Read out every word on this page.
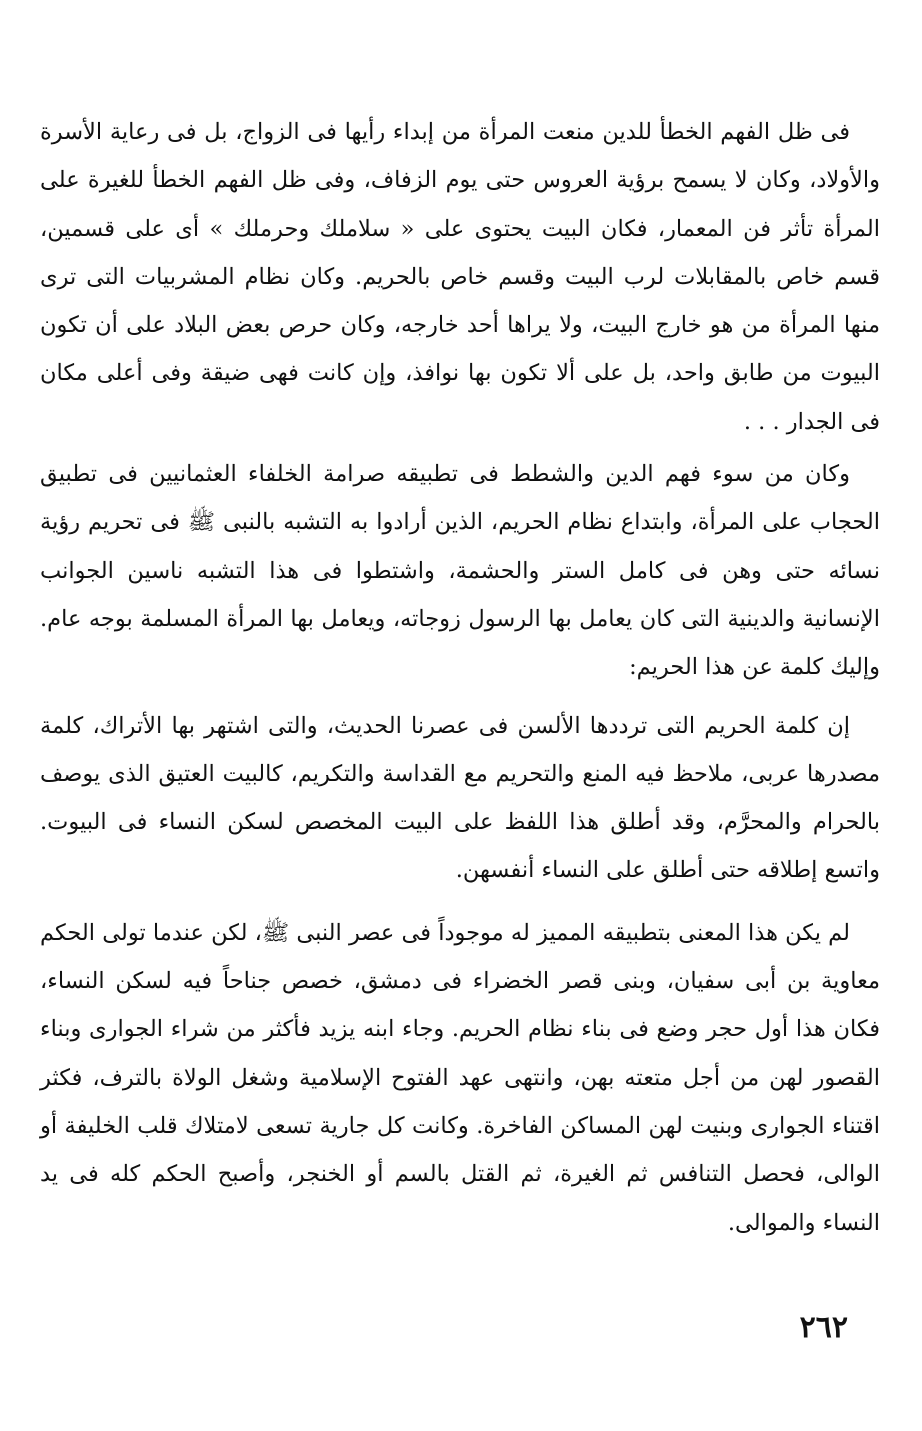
فى ظل الفهم الخطأ للدين منعت المرأة من إبداء رأيها فى الزواج، بل فى رعاية الأسرة والأولاد، وكان لا يسمح برؤية العروس حتى يوم الزفاف، وفى ظل الفهم الخطأ للغيرة على المرأة تأثر فن المعمار، فكان البيت يحتوى على « سلاملك وحرملك » أى على قسمين، قسم خاص بالمقابلات لرب البيت وقسم خاص بالحريم. وكان نظام المشربيات التى ترى منها المرأة من هو خارج البيت، ولا يراها أحد خارجه، وكان حرص بعض البلاد على أن تكون البيوت من طابق واحد، بل على ألا تكون بها نوافذ، وإن كانت فهى ضيقة وفى أعلى مكان فى الجدار . . .

وكان من سوء فهم الدين والشطط فى تطبيقه صرامة الخلفاء العثمانيين فى تطبيق الحجاب على المرأة، وابتداع نظام الحريم، الذين أرادوا به التشبه بالنبى ﷺ فى تحريم رؤية نسائه حتى وهن فى كامل الستر والحشمة، واشتطوا فى هذا التشبه ناسين الجوانب الإنسانية والدينية التى كان يعامل بها الرسول زوجاته، ويعامل بها المرأة المسلمة بوجه عام. وإليك كلمة عن هذا الحريم:

إن كلمة الحريم التى ترددها الألسن فى عصرنا الحديث، والتى اشتهر بها الأتراك، كلمة مصدرها عربى، ملاحظ فيه المنع والتحريم مع القداسة والتكريم، كالبيت العتيق الذى يوصف بالحرام والمحرَّم، وقد أطلق هذا اللفظ على البيت المخصص لسكن النساء فى البيوت. واتسع إطلاقه حتى أطلق على النساء أنفسهن.

لم يكن هذا المعنى بتطبيقه المميز له موجوداً فى عصر النبى ﷺ، لكن عندما تولى الحكم معاوية بن أبى سفيان، وبنى قصر الخضراء فى دمشق، خصص جناحاً فيه لسكن النساء، فكان هذا أول حجر وضع فى بناء نظام الحريم. وجاء ابنه يزيد فأكثر من شراء الجوارى وبناء القصور لهن من أجل متعته بهن، وانتهى عهد الفتوح الإسلامية وشغل الولاة بالترف، فكثر اقتناء الجوارى وبنيت لهن المساكن الفاخرة. وكانت كل جارية تسعى لامتلاك قلب الخليفة أو الوالى، فحصل التنافس ثم الغيرة، ثم القتل بالسم أو الخنجر، وأصبح الحكم كله فى يد النساء والموالى.

٢٦٢
